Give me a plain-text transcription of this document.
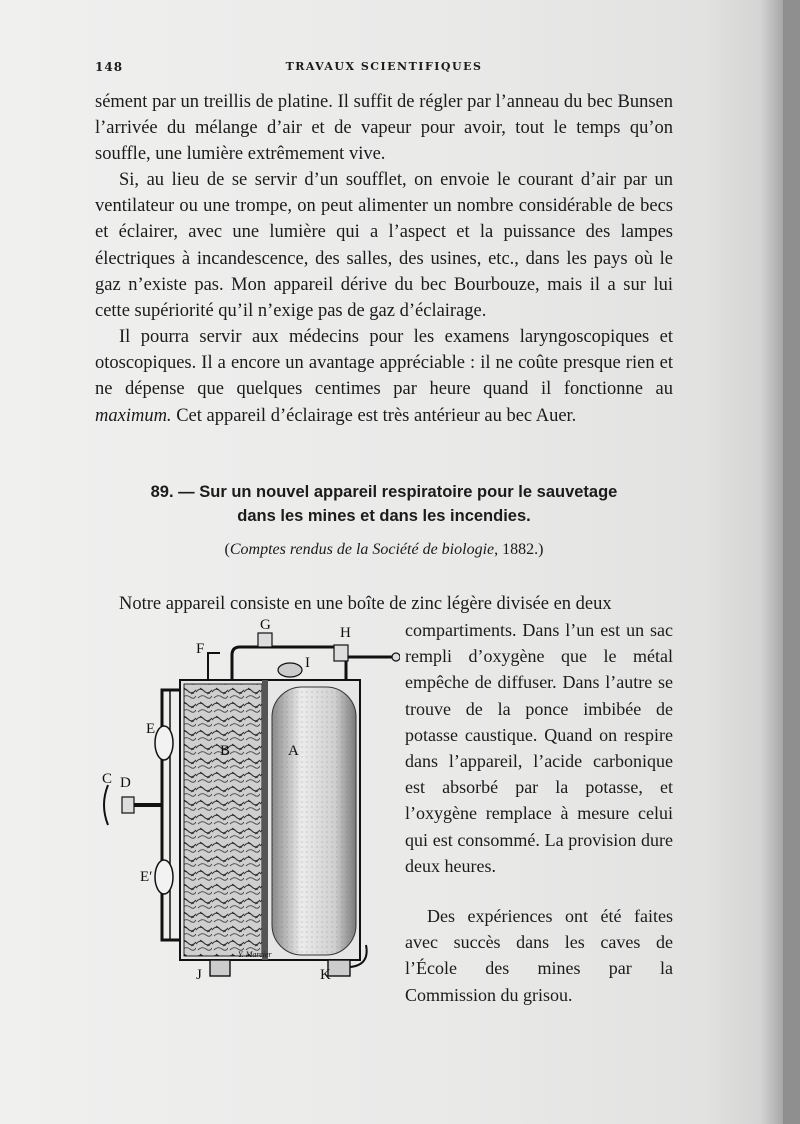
148	TRAVAUX SCIENTIFIQUES

sément par un treillis de platine. Il suffit de régler par l’anneau du bec Bunsen l’arrivée du mélange d’air et de vapeur pour avoir, tout le temps qu’on souffle, une lumière extrêmement vive.

Si, au lieu de se servir d’un soufflet, on envoie le courant d’air par un ventilateur ou une trompe, on peut alimenter un nombre considérable de becs et éclairer, avec une lumière qui a l’aspect et la puissance des lampes électriques à incandescence, des salles, des usines, etc., dans les pays où le gaz n’existe pas. Mon appareil dérive du bec Bourbouze, mais il a sur lui cette supériorité qu’il n’exige pas de gaz d’éclairage.

Il pourra servir aux médecins pour les examens laryngoscopiques et otoscopiques. Il a encore un avantage appréciable : il ne coûte presque rien et ne dépense que quelques centimes par heure quand il fonctionne au maximum. Cet appareil d’éclairage est très antérieur au bec Auer.

89. — Sur un nouvel appareil respiratoire pour le sauvetage
dans les mines et dans les incendies.
(Comptes rendus de la Société de biologie, 1882.)

Notre appareil consiste en une boîte de zinc légère divisée en deux

compartiments. Dans l’un est un sac rempli d’oxygène que le métal empêche de diffuser. Dans l’autre se trouve de la ponce imbibée de potasse caustique. Quand on respire dans l’appareil, l’acide carbonique est absorbé par la potasse, et l’oxygène remplace à mesure celui qui est consommé. La provision dure deux heures.

Des expériences ont été faites avec succès dans les caves de l’École des mines par la Commission du grisou.

F
G	H
I
E
B	A
C D
E′
J	K
Y. Marcier
